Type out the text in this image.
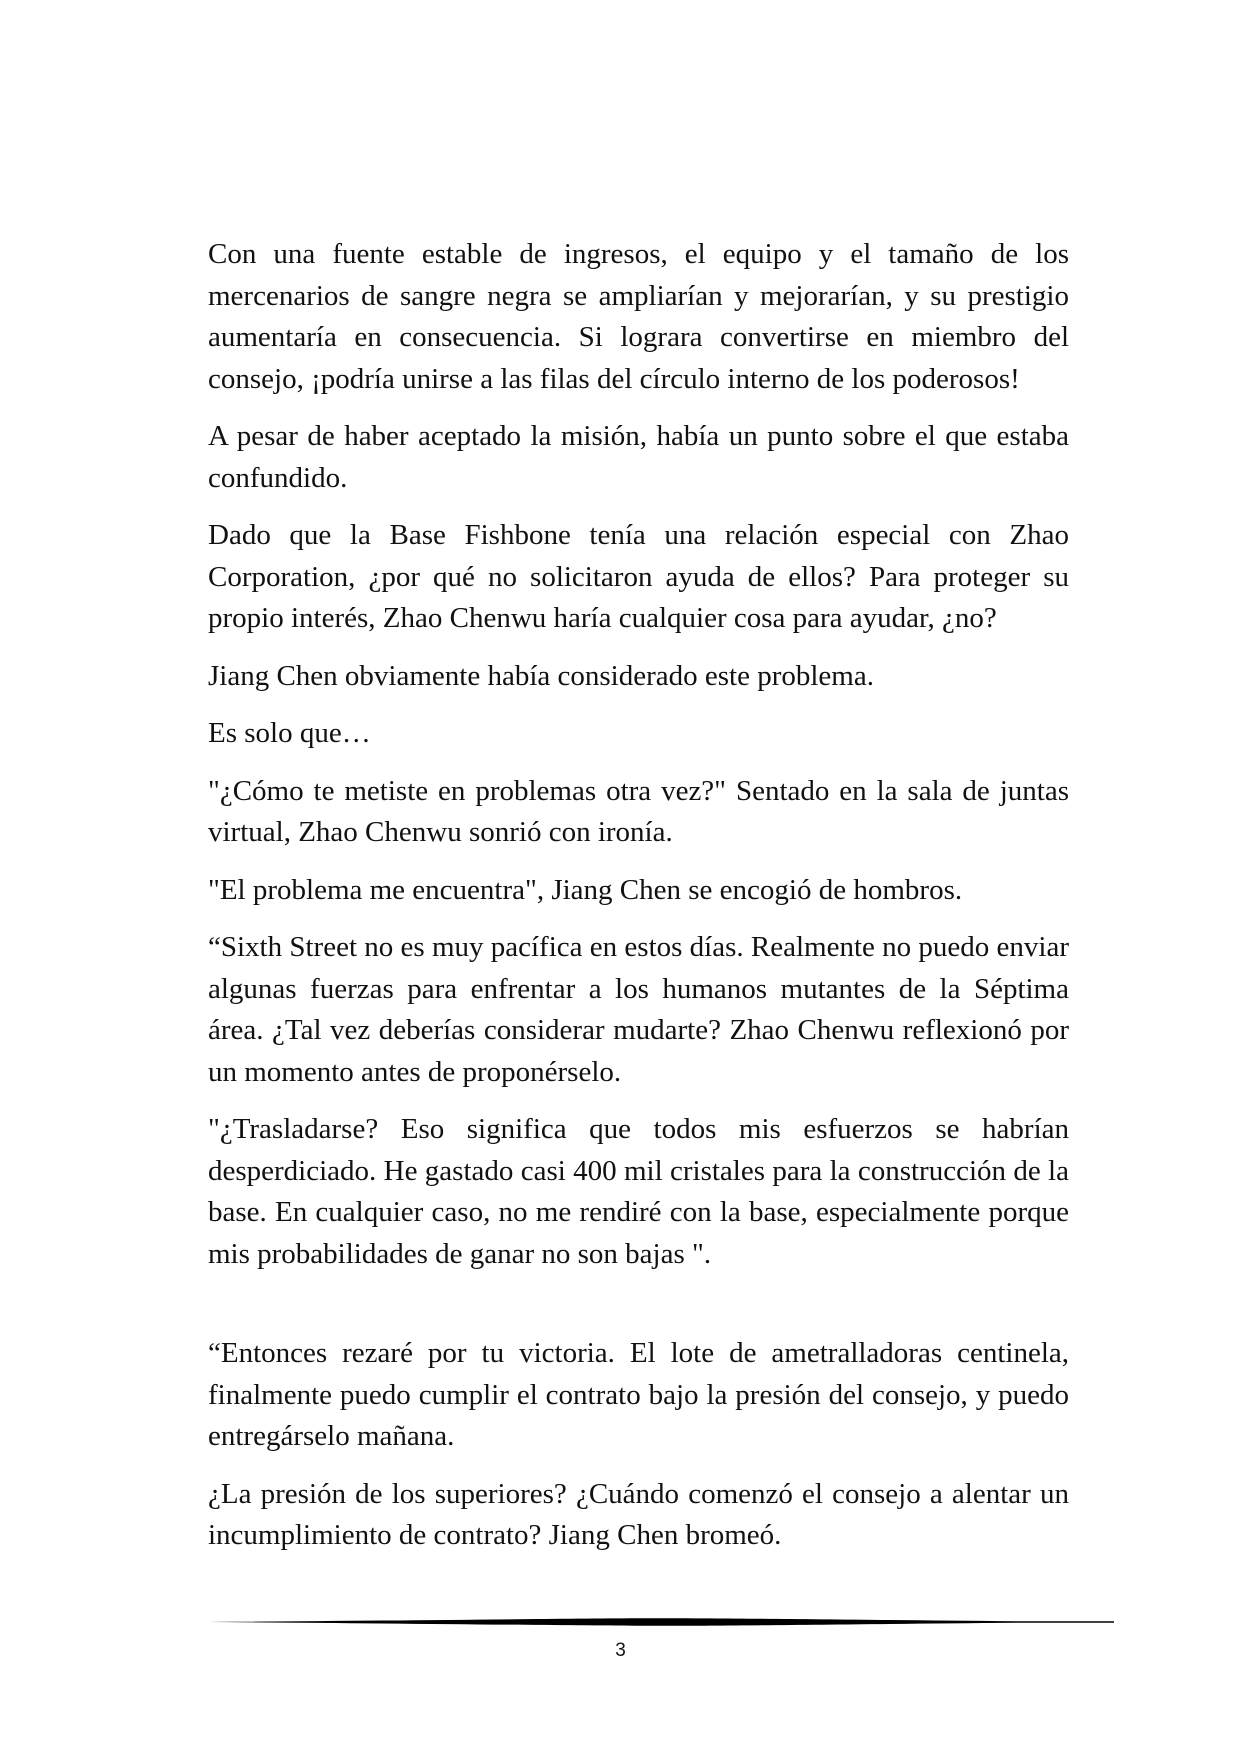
Con una fuente estable de ingresos, el equipo y el tamaño de los mercenarios de sangre negra se ampliarían y mejorarían, y su prestigio aumentaría en consecuencia. Si lograra convertirse en miembro del consejo, ¡podría unirse a las filas del círculo interno de los poderosos!

A pesar de haber aceptado la misión, había un punto sobre el que estaba confundido.

Dado que la Base Fishbone tenía una relación especial con Zhao Corporation, ¿por qué no solicitaron ayuda de ellos? Para proteger su propio interés, Zhao Chenwu haría cualquier cosa para ayudar, ¿no?

Jiang Chen obviamente había considerado este problema.

Es solo que…

"¿Cómo te metiste en problemas otra vez?" Sentado en la sala de juntas virtual, Zhao Chenwu sonrió con ironía.

"El problema me encuentra", Jiang Chen se encogió de hombros.

“Sixth Street no es muy pacífica en estos días. Realmente no puedo enviar algunas fuerzas para enfrentar a los humanos mutantes de la Séptima área. ¿Tal vez deberías considerar mudarte? Zhao Chenwu reflexionó por un momento antes de proponérselo.

"¿Trasladarse? Eso significa que todos mis esfuerzos se habrían desperdiciado. He gastado casi 400 mil cristales para la construcción de la base. En cualquier caso, no me rendiré con la base, especialmente porque mis probabilidades de ganar no son bajas ".

“Entonces rezaré por tu victoria. El lote de ametralladoras centinela, finalmente puedo cumplir el contrato bajo la presión del consejo, y puedo entregárselo mañana.

¿La presión de los superiores? ¿Cuándo comenzó el consejo a alentar un incumplimiento de contrato? Jiang Chen bromeó.

3
